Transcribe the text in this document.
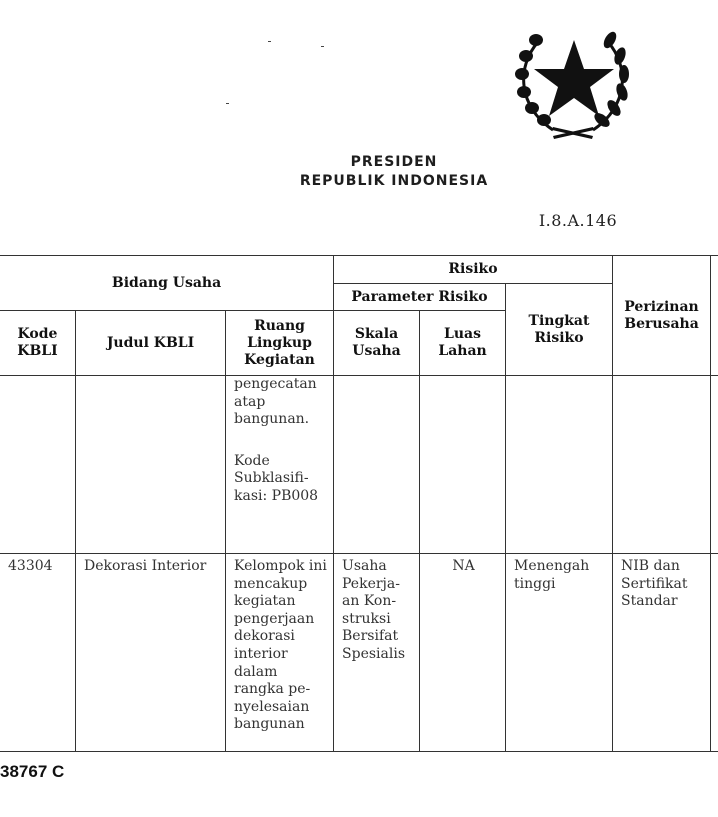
PRESIDEN
REPUBLIK INDONESIA
I.8.A.146
Bidang Usaha			Risiko			Perizinan Berusaha	
			Parameter Risiko		Tingkat Risiko		
Kode KBLI	Judul KBLI	Ruang Lingkup Kegiatan	Skala Usaha	Luas Lahan			

		pengecatan atap bangunan.
Kode Subklasifi-kasi: PB008					

43304	Dekorasi Interior	Kelompok ini mencakup kegiatan pengerjaan dekorasi interior dalam rangka pe-nyelesaian bangunan	Usaha Pekerja-an Kon-struksi Bersifat Spesialis	NA	Menengah tinggi	NIB dan Sertifikat Standar	

38767 C
